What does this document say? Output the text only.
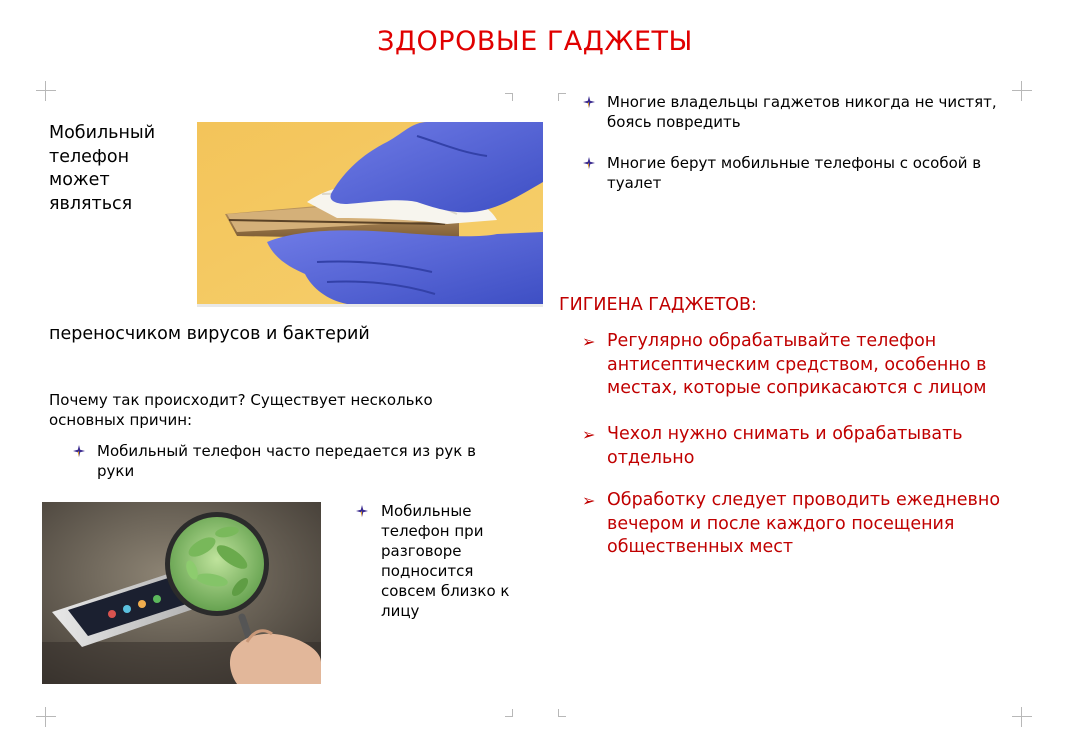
ЗДОРОВЫЕ ГАДЖЕТЫ
Мобильный телефон может являться
переносчиком вирусов и бактерий
Почему так происходит? Существует несколько основных причин:
Мобильный телефон часто передается из рук в руки
Мобильные телефон при разговоре подносится совсем близко к лицу
Многие владельцы гаджетов никогда не чистят, боясь повредить
Многие берут мобильные телефоны с особой в туалет
ГИГИЕНА ГАДЖЕТОВ:
➢ Регулярно обрабатывайте телефон антисептическим средством, особенно в местах, которые соприкасаются с лицом
➢ Чехол нужно снимать и обрабатывать отдельно
➢ Обработку следует проводить ежедневно вечером и после каждого посещения общественных мест
